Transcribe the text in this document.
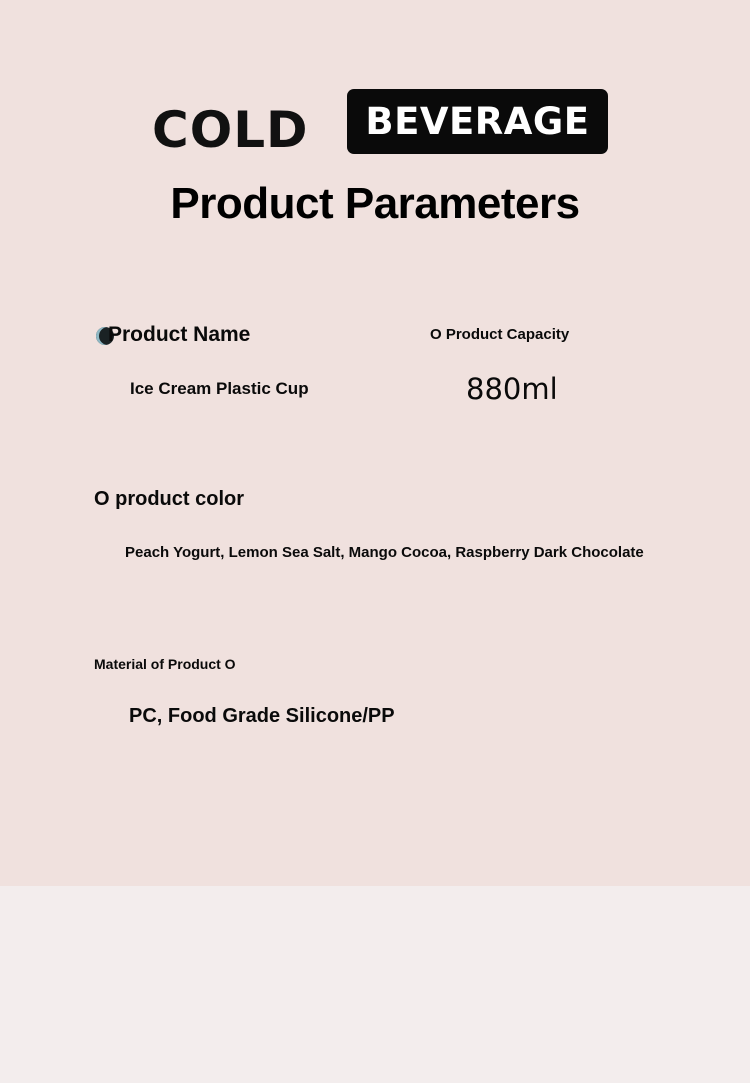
COLD BEVERAGE
Product Parameters
Product Name
Ice Cream Plastic Cup
O Product Capacity
880ml
O product color
Peach Yogurt, Lemon Sea Salt, Mango Cocoa, Raspberry Dark Chocolate
Material of Product O
PC, Food Grade Silicone/PP
